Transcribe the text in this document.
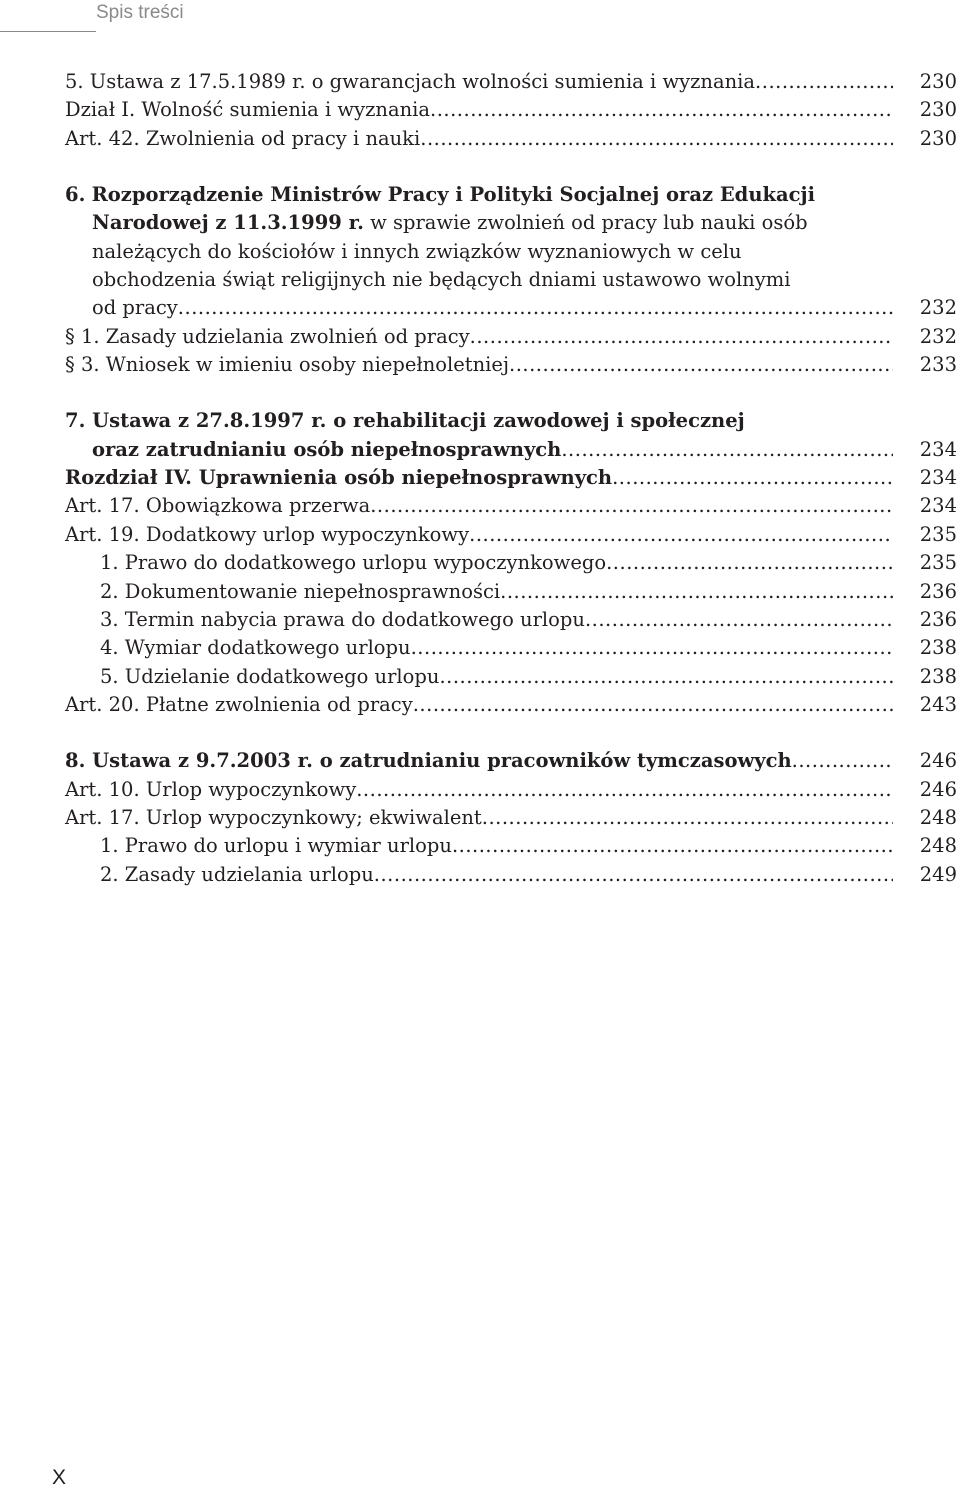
Spis treści
5. Ustawa z 17.5.1989 r. o gwarancjach wolności sumienia i wyznania .....	230
Dział I. Wolność sumienia i wyznania .....	230
Art. 42. Zwolnienia od pracy i nauki .....	230
6. Rozporządzenie Ministrów Pracy i Polityki Socjalnej oraz Edukacji
Narodowej z 11.3.1999 r. w sprawie zwolnień od pracy lub nauki osób
należących do kościołów i innych związków wyznaniowych w celu
obchodzenia świąt religijnych nie będących dniami ustawowo wolnymi
od pracy .....	232
§ 1. Zasady udzielania zwolnień od pracy .....	232
§ 3. Wniosek w imieniu osoby niepełnoletniej .....	233
7. Ustawa z 27.8.1997 r. o rehabilitacji zawodowej i społecznej
oraz zatrudnianiu osób niepełnosprawnych .....	234
Rozdział IV. Uprawnienia osób niepełnosprawnych .....	234
Art. 17. Obowiązkowa przerwa .....	234
Art. 19. Dodatkowy urlop wypoczynkowy .....	235
1. Prawo do dodatkowego urlopu wypoczynkowego .....	235
2. Dokumentowanie niepełnosprawności .....	236
3. Termin nabycia prawa do dodatkowego urlopu .....	236
4. Wymiar dodatkowego urlopu .....	238
5. Udzielanie dodatkowego urlopu .....	238
Art. 20. Płatne zwolnienia od pracy .....	243
8. Ustawa z 9.7.2003 r. o zatrudnianiu pracowników tymczasowych .....	246
Art. 10. Urlop wypoczynkowy .....	246
Art. 17. Urlop wypoczynkowy; ekwiwalent .....	248
1. Prawo do urlopu i wymiar urlopu .....	248
2. Zasady udzielania urlopu .....	249
X
